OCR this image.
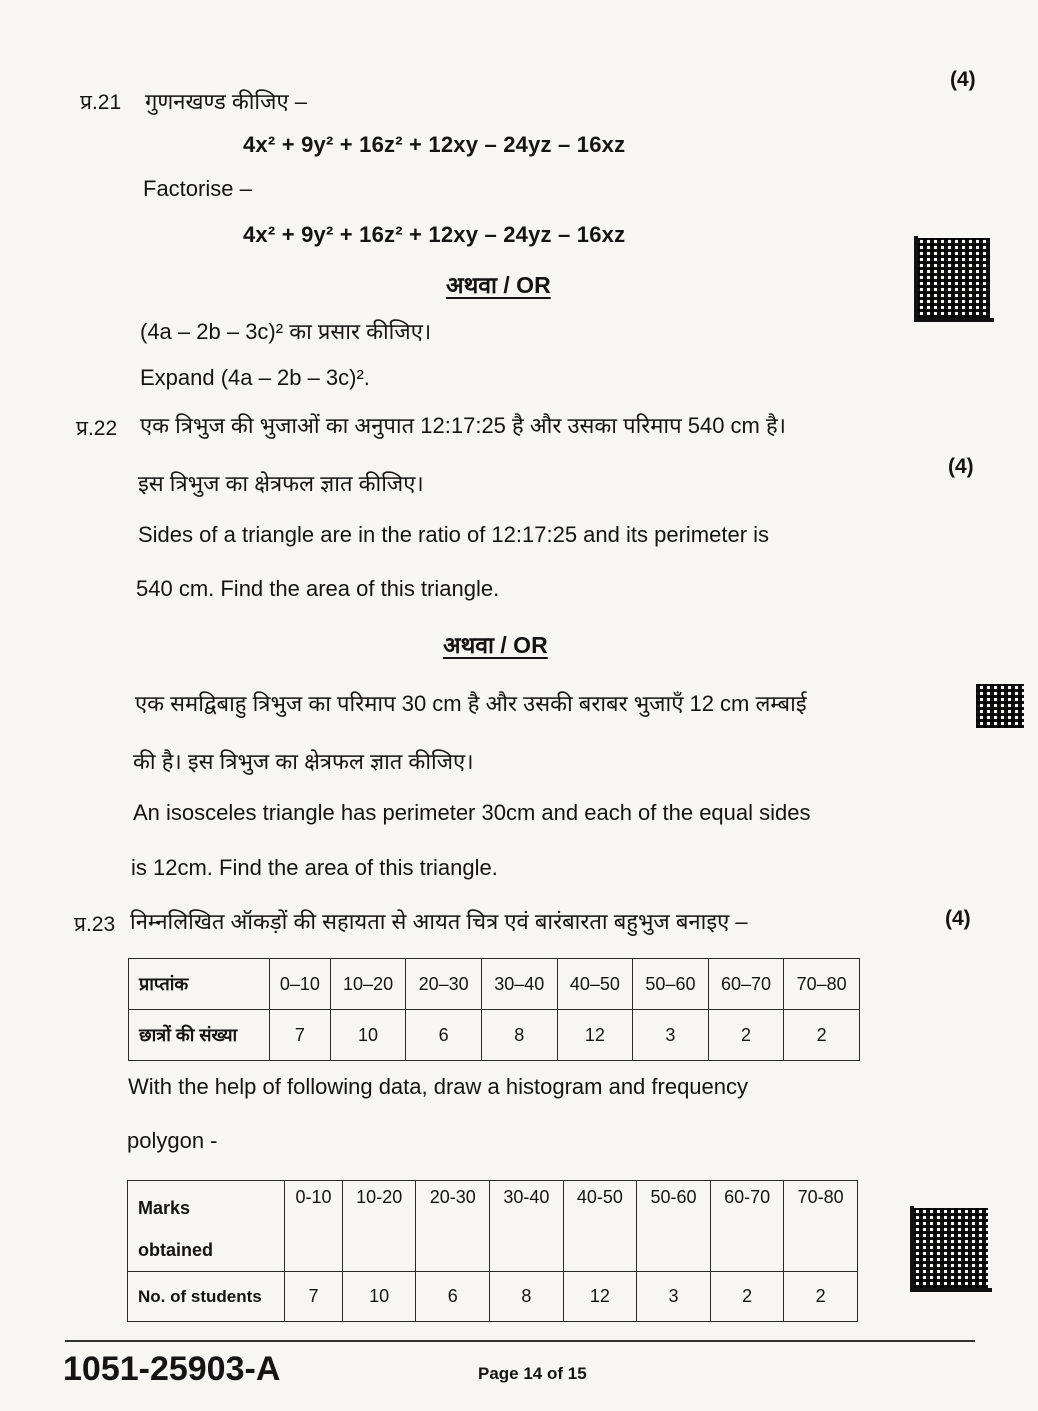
प्र.21 गुणनखण्ड कीजिए –
(4)
4x² + 9y² + 16z² + 12xy – 24yz – 16xz
Factorise –
4x² + 9y² + 16z² + 12xy – 24yz – 16xz
अथवा / OR
(4a – 2b – 3c)² का प्रसार कीजिए।
Expand (4a – 2b – 3c)².
प्र.22 एक त्रिभुज की भुजाओं का अनुपात 12:17:25 है और उसका परिमाप 540 cm है।
(4)
इस त्रिभुज का क्षेत्रफल ज्ञात कीजिए।
Sides of a triangle are in the ratio of 12:17:25 and its perimeter is
540 cm. Find the area of this triangle.
अथवा / OR
एक समद्विबाहु त्रिभुज का परिमाप 30 cm है और उसकी बराबर भुजाएँ 12 cm लम्बाई
की है। इस त्रिभुज का क्षेत्रफल ज्ञात कीजिए।
An isosceles triangle has perimeter 30cm and each of the equal sides
is 12cm. Find the area of this triangle.
प्र.23 निम्नलिखित ऑकड़ों की सहायता से आयत चित्र एवं बारंबारता बहुभुज बनाइए –	(4)
प्राप्तांक	0–10	10–20	20–30	30–40	40–50	50–60	60–70	70–80
छात्रों की संख्या	7	10	6	8	12	3	2	2
With the help of following data, draw a histogram and frequency
polygon -
Marks
obtained	0-10	10-20	20-30	30-40	40-50	50-60	60-70	70-80
No. of students	7	10	6	8	12	3	2	2
1051-25903-A	Page 14 of 15
